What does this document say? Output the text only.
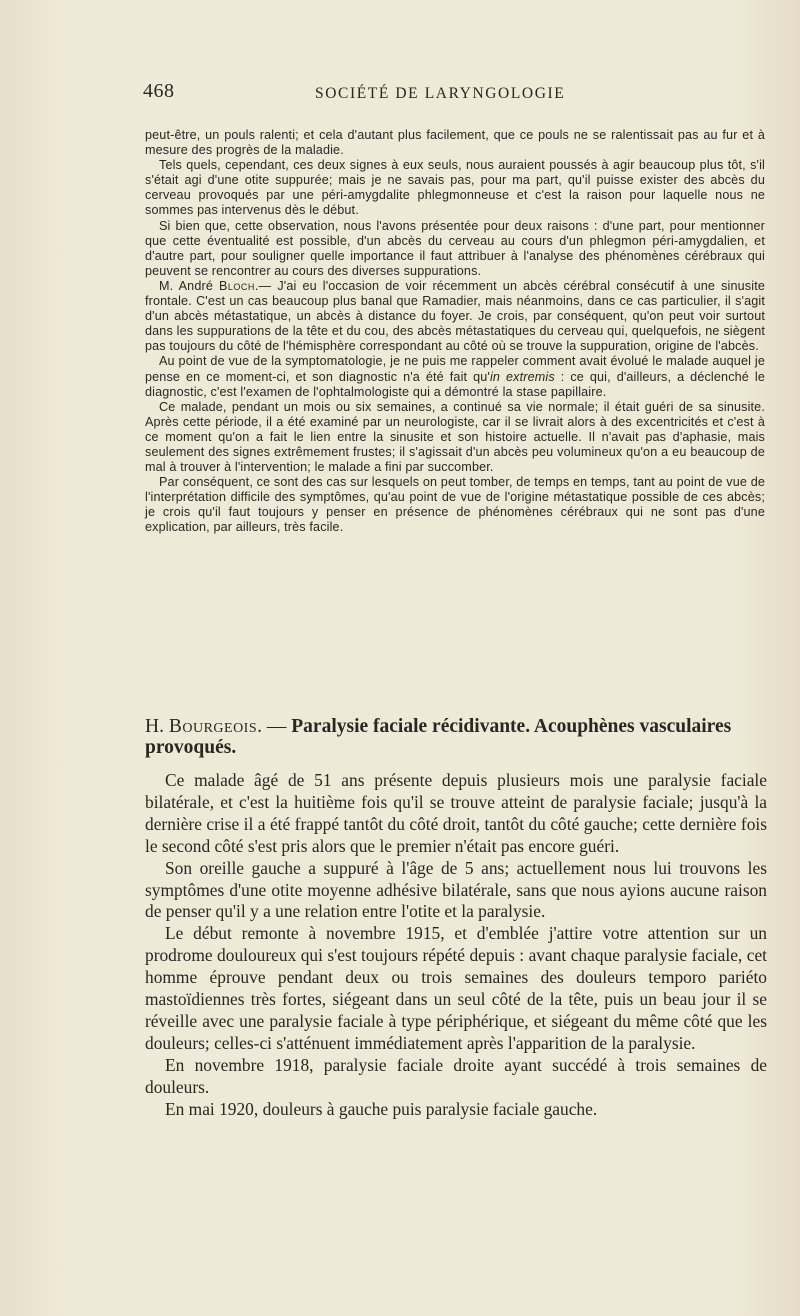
468	SOCIÉTÉ DE LARYNGOLOGIE

peut-être, un pouls ralenti; et cela d'autant plus facilement, que ce pouls ne se ralentissait pas au fur et à mesure des progrès de la maladie.

Tels quels, cependant, ces deux signes à eux seuls, nous auraient poussés à agir beaucoup plus tôt, s'il s'était agi d'une otite suppurée; mais je ne savais pas, pour ma part, qu'il puisse exister des abcès du cerveau provoqués par une péri-amygdalite phlegmonneuse et c'est la raison pour laquelle nous ne sommes pas intervenus dès le début.

Si bien que, cette observation, nous l'avons présentée pour deux raisons : d'une part, pour mentionner que cette éventualité est possible, d'un abcès du cerveau au cours d'un phlegmon péri-amygdalien, et d'autre part, pour souligner quelle importance il faut attribuer à l'analyse des phénomènes cérébraux qui peuvent se rencontrer au cours des diverses suppurations.

M. André Bloch.— J'ai eu l'occasion de voir récemment un abcès cérébral consécutif à une sinusite frontale. C'est un cas beaucoup plus banal que Ramadier, mais néanmoins, dans ce cas particulier, il s'agit d'un abcès métastatique, un abcès à distance du foyer. Je crois, par conséquent, qu'on peut voir surtout dans les suppurations de la tête et du cou, des abcès métastatiques du cerveau qui, quelquefois, ne siègent pas toujours du côté de l'hémisphère correspondant au côté où se trouve la suppuration, origine de l'abcès.

Au point de vue de la symptomatologie, je ne puis me rappeler comment avait évolué le malade auquel je pense en ce moment-ci, et son diagnostic n'a été fait qu'in extremis : ce qui, d'ailleurs, a déclenché le diagnostic, c'est l'examen de l'ophtalmologiste qui a démontré la stase papillaire.

Ce malade, pendant un mois ou six semaines, a continué sa vie normale; il était guéri de sa sinusite. Après cette période, il a été examiné par un neurologiste, car il se livrait alors à des excentricités et c'est à ce moment qu'on a fait le lien entre la sinusite et son histoire actuelle. Il n'avait pas d'aphasie, mais seulement des signes extrêmement frustes; il s'agissait d'un abcès peu volumineux qu'on a eu beaucoup de mal à trouver à l'intervention; le malade a fini par succomber.

Par conséquent, ce sont des cas sur lesquels on peut tomber, de temps en temps, tant au point de vue de l'interprétation difficile des symptômes, qu'au point de vue de l'origine métastatique possible de ces abcès; je crois qu'il faut toujours y penser en présence de phénomènes cérébraux qui ne sont pas d'une explication, par ailleurs, très facile.

H. Bourgeois. — Paralysie faciale récidivante. Acouphènes vasculaires provoqués.

Ce malade âgé de 51 ans présente depuis plusieurs mois une paralysie faciale bilatérale, et c'est la huitième fois qu'il se trouve atteint de paralysie faciale; jusqu'à la dernière crise il a été frappé tantôt du côté droit, tantôt du côté gauche; cette dernière fois le second côté s'est pris alors que le premier n'était pas encore guéri.

Son oreille gauche a suppuré à l'âge de 5 ans; actuellement nous lui trouvons les symptômes d'une otite moyenne adhésive bilatérale, sans que nous ayions aucune raison de penser qu'il y a une relation entre l'otite et la paralysie.

Le début remonte à novembre 1915, et d'emblée j'attire votre attention sur un prodrome douloureux qui s'est toujours répété depuis : avant chaque paralysie faciale, cet homme éprouve pendant deux ou trois semaines des douleurs temporo pariéto mastoïdiennes très fortes, siégeant dans un seul côté de la tête, puis un beau jour il se réveille avec une paralysie faciale à type périphérique, et siégeant du même côté que les douleurs; celles-ci s'atténuent immédiatement après l'apparition de la paralysie.

En novembre 1918, paralysie faciale droite ayant succédé à trois semaines de douleurs.

En mai 1920, douleurs à gauche puis paralysie faciale gauche.
